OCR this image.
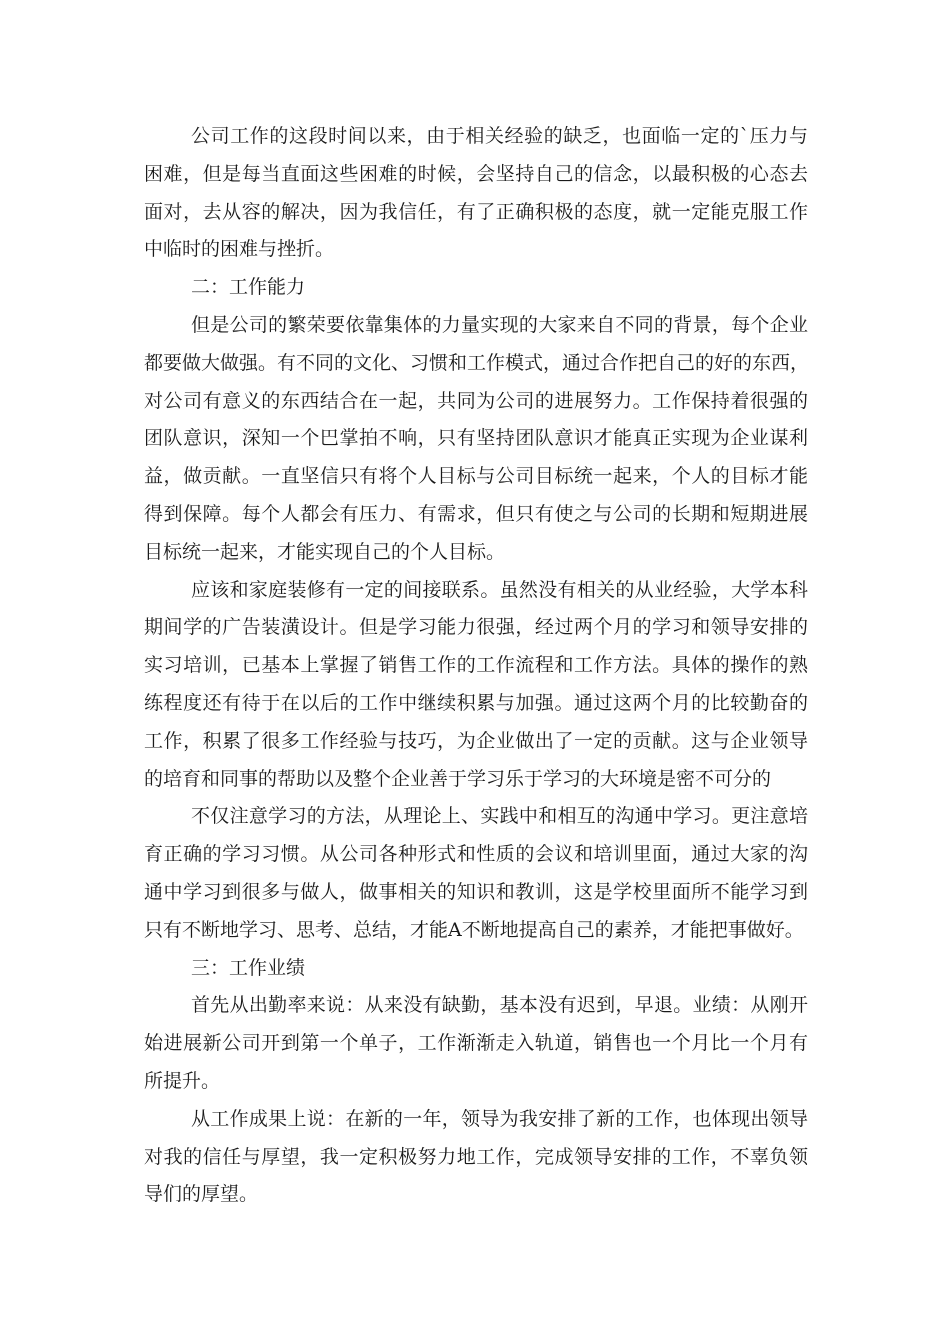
公司工作的这段时间以来，由于相关经验的缺乏，也面临一定的`压力与
困难，但是每当直面这些困难的时候，会坚持自己的信念，以最积极的心态去
面对，去从容的解决，因为我信任，有了正确积极的态度，就一定能克服工作
中临时的困难与挫折。
二：工作能力
但是公司的繁荣要依靠集体的力量实现的大家来自不同的背景，每个企业
都要做大做强。有不同的文化、习惯和工作模式，通过合作把自己的好的东西，
对公司有意义的东西结合在一起，共同为公司的进展努力。工作保持着很强的
团队意识，深知一个巴掌拍不响，只有坚持团队意识才能真正实现为企业谋利
益，做贡献。一直坚信只有将个人目标与公司目标统一起来，个人的目标才能
得到保障。每个人都会有压力、有需求，但只有使之与公司的长期和短期进展
目标统一起来，才能实现自己的个人目标。
应该和家庭装修有一定的间接联系。虽然没有相关的从业经验，大学本科
期间学的广告装潢设计。但是学习能力很强，经过两个月的学习和领导安排的
实习培训，已基本上掌握了销售工作的工作流程和工作方法。具体的操作的熟
练程度还有待于在以后的工作中继续积累与加强。通过这两个月的比较勤奋的
工作，积累了很多工作经验与技巧，为企业做出了一定的贡献。这与企业领导
的培育和同事的帮助以及整个企业善于学习乐于学习的大环境是密不可分的
不仅注意学习的方法，从理论上、实践中和相互的沟通中学习。更注意培
育正确的学习习惯。从公司各种形式和性质的会议和培训里面，通过大家的沟
通中学习到很多与做人，做事相关的知识和教训，这是学校里面所不能学习到
只有不断地学习、思考、总结，才能A不断地提高自己的素养，才能把事做好。
三：工作业绩
首先从出勤率来说：从来没有缺勤，基本没有迟到，早退。业绩：从刚开
始进展新公司开到第一个单子，工作渐渐走入轨道，销售也一个月比一个月有
所提升。
从工作成果上说：在新的一年，领导为我安排了新的工作，也体现出领导
对我的信任与厚望，我一定积极努力地工作，完成领导安排的工作，不辜负领
导们的厚望。
